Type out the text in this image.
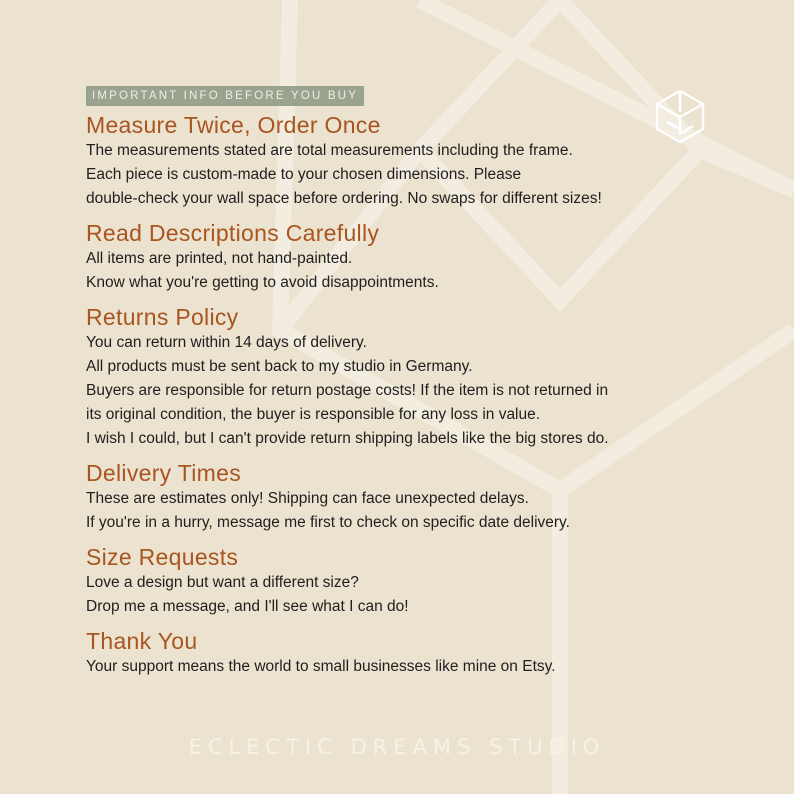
IMPORTANT INFO BEFORE YOU BUY
Measure Twice, Order Once

The measurements stated are total measurements including the frame.

Each piece is custom-made to your chosen dimensions. Please

double-check your wall space before ordering. No swaps for different sizes!

Read Descriptions Carefully

All items are printed, not hand-painted.

Know what you're getting to avoid disappointments.

Returns Policy

You can return within 14 days of delivery.

All products must be sent back to my studio in Germany.

Buyers are responsible for return postage costs! If the item is not returned in

its original condition, the buyer is responsible for any loss in value.

I wish I could, but I can't provide return shipping labels like the big stores do.

Delivery Times

These are estimates only! Shipping can face unexpected delays.

If you're in a hurry, message me first to check on specific date delivery.

Size Requests

Love a design but want a different size?

Drop me a message, and I'll see what I can do!

Thank You

Your support means the world to small businesses like mine on Etsy.

ECLECTIC DREAMS STUDIO
